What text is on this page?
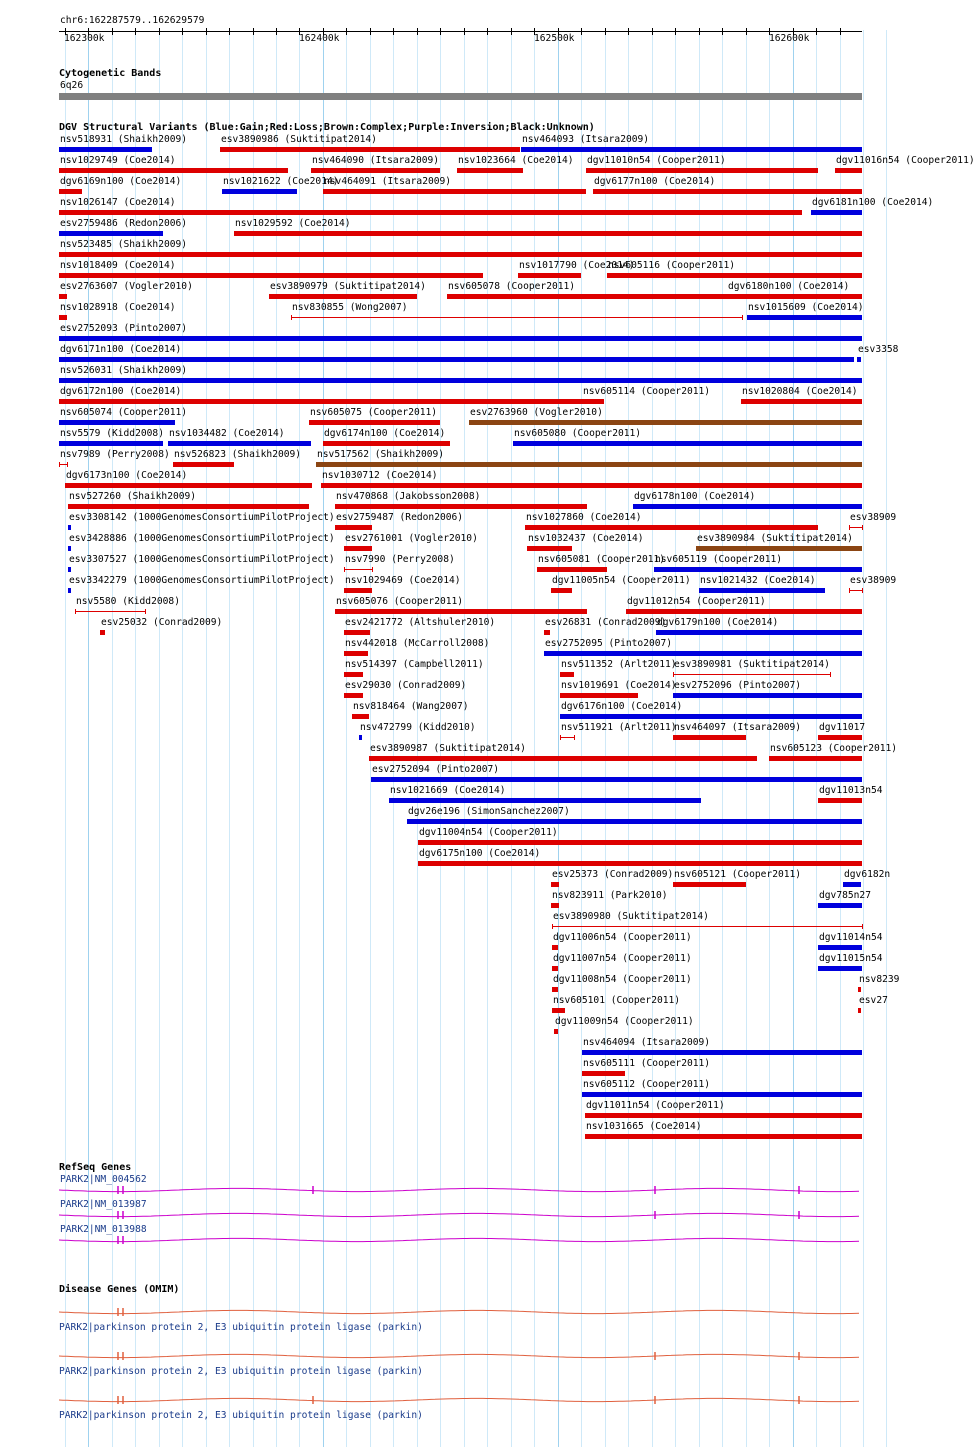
chr6:162287579..162629579
162300k	162400k	162500k	162600k
Cytogenetic Bands
6q26
DGV Structural Variants (Blue:Gain;Red:Loss;Brown:Complex;Purple:Inversion;Black:Unknown)
nsv518931 (Shaikh2009)	esv3890986 (Suktitipat2014)	nsv464093 (Itsara2009)
nsv1029749 (Coe2014)	nsv464090 (Itsara2009) nsv1023664 (Coe2014) dgv11010n54 (Cooper2011)	dgv11016n54 (Cooper2011)
dgv6169n100 (Coe2014)	nsv1021622 (Coe2014)
nsv464091 (Itsara2009)	dgv6177n100 (Coe2014)
nsv1026147 (Coe2014)	dgv6181n100 (Coe2014)
esv2759486 (Redon2006)	nsv1029592 (Coe2014)
nsv523485 (Shaikh2009)
nsv1018409 (Coe2014)	nsv1017790 (Coe2014)
nsv605116 (Cooper2011)
esv2763607 (Vogler2010)	esv3890979 (Suktitipat2014) nsv605078 (Cooper2011)	dgv6180n100 (Coe2014)
nsv1028918 (Coe2014)	nsv830855 (Wong2007)	nsv1015609 (Coe2014)
esv2752093 (Pinto2007)
dgv6171n100 (Coe2014)	esv3358
nsv526031 (Shaikh2009)
dgv6172n100 (Coe2014)	nsv605114 (Cooper2011)	nsv1020804 (Coe2014)
nsv605074 (Cooper2011)	nsv605075 (Cooper2011)	esv2763960 (Vogler2010)
nsv5579 (Kidd2008) nsv1034482 (Coe2014)	dgv6174n100 (Coe2014)	nsv605080 (Cooper2011)
nsv7989 (Perry2008) nsv526823 (Shaikh2009) nsv517562 (Shaikh2009)
dgv6173n100 (Coe2014)	nsv1030712 (Coe2014)
nsv527260 (Shaikh2009)	nsv470868 (Jakobsson2008)	dgv6178n100 (Coe2014)
esv3308142 (1000GenomesConsortiumPilotProject) esv2759487 (Redon2006)	nsv1027860 (Coe2014)	esv38909
esv3428886 (1000GenomesConsortiumPilotProject) esv2761001 (Vogler2010)	nsv1032437 (Coe2014)	esv3890984 (Suktitipat2014)
esv3307527 (1000GenomesConsortiumPilotProject) nsv7990 (Perry2008)	nsv605081 (Cooper2011)
nsv605119 (Cooper2011)
esv3342279 (1000GenomesConsortiumPilotProject) nsv1029469 (Coe2014)	dgv11005n54 (Cooper2011) nsv1021432 (Coe2014)	esv38909
nsv5580 (Kidd2008)	nsv605076 (Cooper2011)	dgv11012n54 (Cooper2011)
esv25032 (Conrad2009)	esv2421772 (Altshuler2010)	esv26831 (Conrad2009)
dgv6179n100 (Coe2014)
nsv442018 (McCarroll2008)	esv2752095 (Pinto2007)
nsv514397 (Campbell2011)	nsv511352 (Arlt2011)
esv3890981 (Suktitipat2014)
esv29030 (Conrad2009)	nsv1019691 (Coe2014)
esv2752096 (Pinto2007)
nsv818464 (Wang2007)	dgv6176n100 (Coe2014)
nsv472799 (Kidd2010)	nsv511921 (Arlt2011)
nsv464097 (Itsara2009) dgv11017
esv3890987 (Suktitipat2014)	nsv605123 (Cooper2011)
esv2752094 (Pinto2007)
nsv1021669 (Coe2014)	dgv11013n54
dgv26e196 (SimonSanchez2007)
dgv11004n54 (Cooper2011)
dgv6175n100 (Coe2014)
esv25373 (Conrad2009) nsv605121 (Cooper2011)	dgv6182n
nsv823911 (Park2010)	dgv785n27
esv3890980 (Suktitipat2014)
dgv11006n54 (Cooper2011)	dgv11014n54
dgv11007n54 (Cooper2011)	dgv11015n54
dgv11008n54 (Cooper2011)	nsv8239
nsv605101 (Cooper2011)	esv27
dgv11009n54 (Cooper2011)
nsv464094 (Itsara2009)
nsv605111 (Cooper2011)
nsv605112 (Cooper2011)
dgv11011n54 (Cooper2011)
nsv1031665 (Coe2014)
RefSeq Genes
PARK2|NM_004562
PARK2|NM_013987
PARK2|NM_013988
Disease Genes (OMIM)
PARK2|parkinson protein 2, E3 ubiquitin protein ligase (parkin)
PARK2|parkinson protein 2, E3 ubiquitin protein ligase (parkin)
PARK2|parkinson protein 2, E3 ubiquitin protein ligase (parkin)
